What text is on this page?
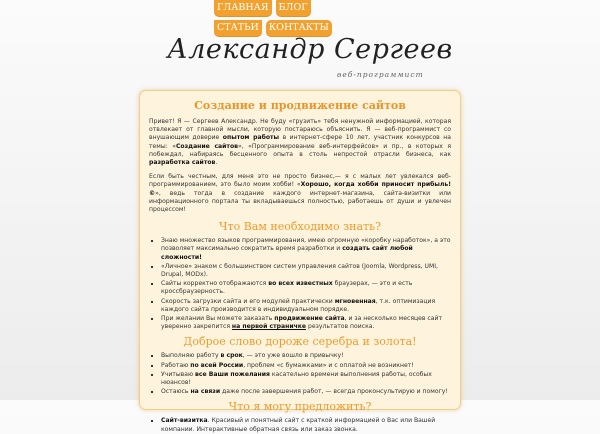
ГЛАВНАЯ	БЛОГ
СТАТЬИ	КОНТАКТЫ
Александр Сергеев
веб-программист
Создание и продвижение сайтов

Привет! Я — Сергеев Александр. Не буду «грузить» тебя ненужной информацией, которая отвлекает от главной мысли, которую постараюсь объяснить. Я — веб-программист со внушающим доверие опытом работы в интернет-сфере 10 лет, участник конкурсов на темы: «Создание сайтов», «Программирование веб-интерфейсов» и пр., в которых я побеждал, набираясь бесценного опыта в столь непростой отрасли бизнеса, как разработка сайтов.

Если быть честным, для меня это не просто бизнес,— я с малых лет увлекался веб-программированием, это было моим хобби! «Хорошо, когда хобби приносит прибыль! ©», ведь тогда в создание каждого интернет-магазина, сайта-визитки или информационного портала ты вкладываешься полностью, работаешь от души и увлечен процессом!

Что Вам необходимо знать?
▪ Знаю множество языков программирования, имею огромную «коробку наработок», а это позволяет максимально сократить время разработки и создать сайт любой сложности!
▪ «Личное» знаком с большинством систем управления сайтов (Joomla, Wordpress, UMI, Drupal, MODx).
▪ Сайты корректно отображаются во всех известных браузерах, — это и есть кроссбраузерность.
▪ Скорость загрузки сайта и его модулей практически мгновенная, т.к. оптимизация каждого сайта производится в индивидуальном порядке.
▪ При желании Вы можете заказать продвижение сайта, и за несколько месяцев сайт уверенно закрепится на первой страничке результатов поиска.
Доброе слово дороже серебра и золота!
▪ Выполняю работу в срок, — это уже вошло в привычку!
▪ Работаю по всей России, проблем «с бумажками» и с оплатой не возникнет!
▪ Учитываю все Ваши пожелания касательно времени выполнения работы, особых нюансов!
▪ Остаюсь на связи даже после завершения работ, — всегда проконсультирую и помогу!
Что я могу предложить?
▪ Сайт-визитка. Красивый и понятный сайт с краткой информацией о Вас или Вашей компании. Интерактивные обратная связь или заказ звонка.
